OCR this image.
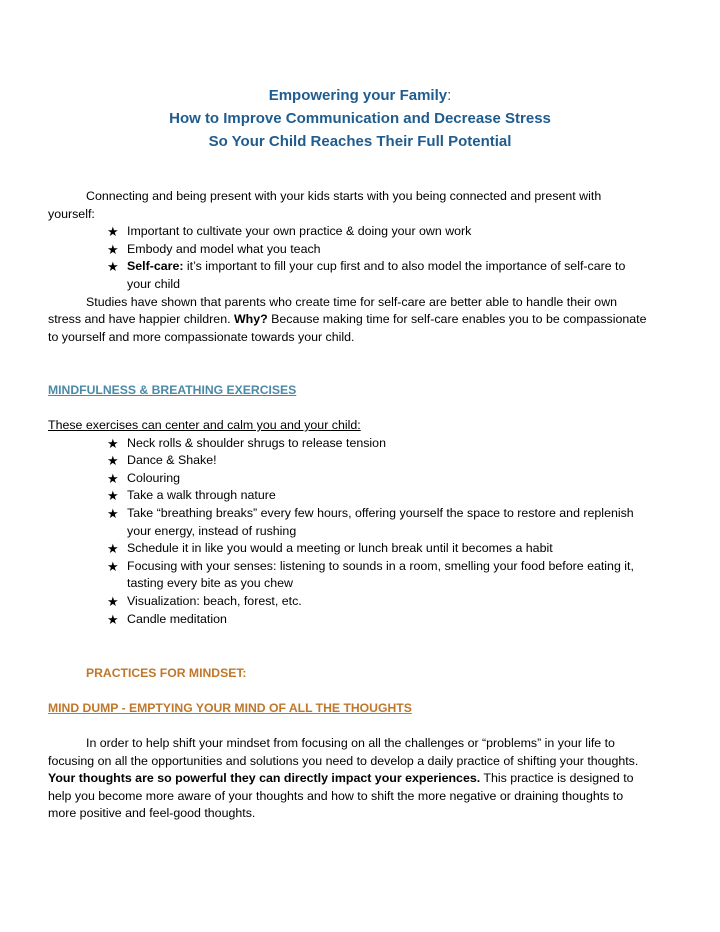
Empowering your Family:
How to Improve Communication and Decrease Stress
So Your Child Reaches Their Full Potential

Connecting and being present with your kids starts with you being connected and present with yourself:

★ Important to cultivate your own practice & doing your own work
★ Embody and model what you teach
★ Self-care: it’s important to fill your cup first and to also model the importance of self-care to your child

Studies have shown that parents who create time for self-care are better able to handle their own stress and have happier children. Why? Because making time for self-care enables you to be compassionate to yourself and more compassionate towards your child.

MINDFULNESS & BREATHING EXERCISES

These exercises can center and calm you and your child:

★ Neck rolls & shoulder shrugs to release tension
★ Dance & Shake!
★ Colouring
★ Take a walk through nature
★ Take “breathing breaks” every few hours, offering yourself the space to restore and replenish your energy, instead of rushing
★ Schedule it in like you would a meeting or lunch break until it becomes a habit
★ Focusing with your senses: listening to sounds in a room, smelling your food before eating it, tasting every bite as you chew
★ Visualization: beach, forest, etc.
★ Candle meditation

PRACTICES FOR MINDSET:

MIND DUMP - EMPTYING YOUR MIND OF ALL THE THOUGHTS

In order to help shift your mindset from focusing on all the challenges or “problems” in your life to focusing on all the opportunities and solutions you need to develop a daily practice of shifting your thoughts. Your thoughts are so powerful they can directly impact your experiences. This practice is designed to help you become more aware of your thoughts and how to shift the more negative or draining thoughts to more positive and feel-good thoughts.
